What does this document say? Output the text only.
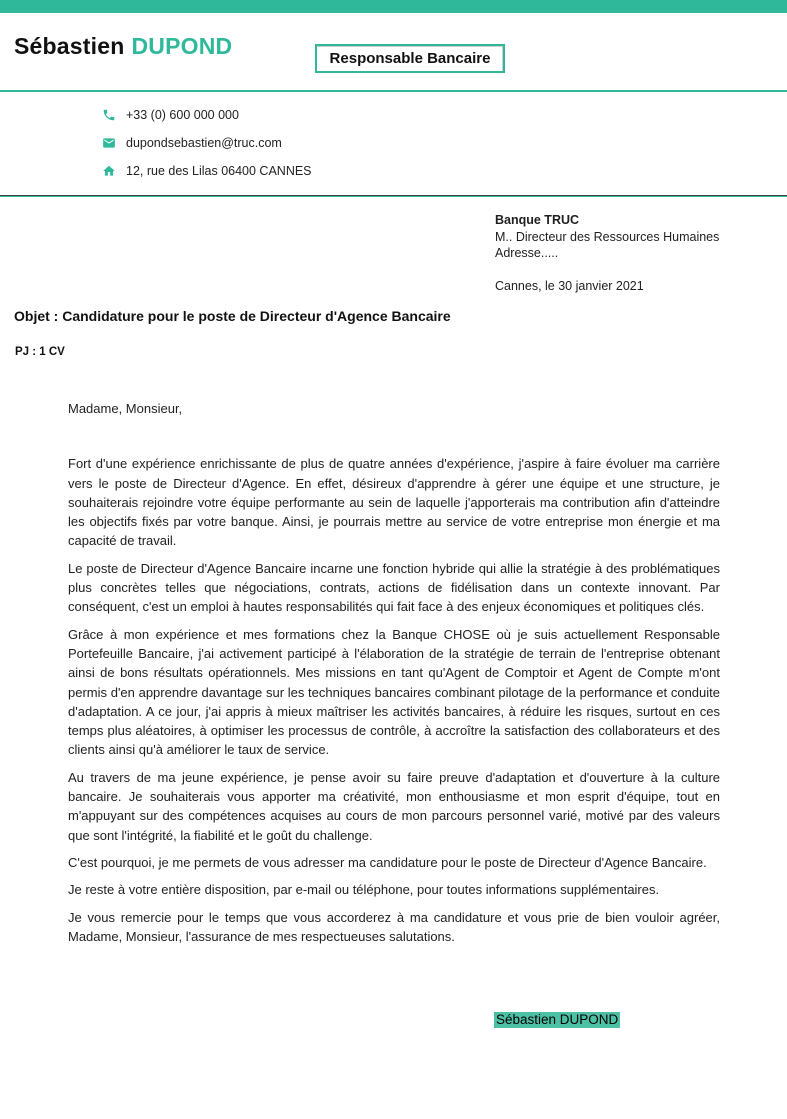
Sébastien DUPOND	Responsable Bancaire
+33 (0) 600 000 000
dupondsebastien@truc.com
12, rue des Lilas 06400 CANNES
Banque TRUC
M.. Directeur des Ressources Humaines
Adresse.....
Cannes, le 30 janvier 2021
Objet : Candidature pour le poste de Directeur d'Agence Bancaire
PJ : 1 CV

Madame, Monsieur,

Fort d'une expérience enrichissante de plus de quatre années d'expérience, j'aspire à faire évoluer ma carrière vers le poste de Directeur d'Agence. En effet, désireux d'apprendre à gérer une équipe et une structure, je souhaiterais rejoindre votre équipe performante au sein de laquelle j'apporterais ma contribution afin d'atteindre les objectifs fixés par votre banque. Ainsi, je pourrais mettre au service de votre entreprise mon énergie et ma capacité de travail.

Le poste de Directeur d'Agence Bancaire incarne une fonction hybride qui allie la stratégie à des problématiques plus concrètes telles que négociations, contrats, actions de fidélisation dans un contexte innovant. Par conséquent, c'est un emploi à hautes responsabilités qui fait face à des enjeux économiques et politiques clés.

Grâce à mon expérience et mes formations chez la Banque CHOSE où je suis actuellement Responsable Portefeuille Bancaire, j'ai activement participé à l'élaboration de la stratégie de terrain de l'entreprise obtenant ainsi de bons résultats opérationnels. Mes missions en tant qu'Agent de Comptoir et Agent de Compte m'ont permis d'en apprendre davantage sur les techniques bancaires combinant pilotage de la performance et conduite d'adaptation. A ce jour, j'ai appris à mieux maîtriser les activités bancaires, à réduire les risques, surtout en ces temps plus aléatoires, à optimiser les processus de contrôle, à accroître la satisfaction des collaborateurs et des clients ainsi qu'à améliorer le taux de service.

Au travers de ma jeune expérience, je pense avoir su faire preuve d'adaptation et d'ouverture à la culture bancaire. Je souhaiterais vous apporter ma créativité, mon enthousiasme et mon esprit d'équipe, tout en m'appuyant sur des compétences acquises au cours de mon parcours personnel varié, motivé par des valeurs que sont l'intégrité, la fiabilité et le goût du challenge.

C'est pourquoi, je me permets de vous adresser ma candidature pour le poste de Directeur d'Agence Bancaire.

Je reste à votre entière disposition, par e-mail ou téléphone, pour toutes informations supplémentaires.

Je vous remercie pour le temps que vous accorderez à ma candidature et vous prie de bien vouloir agréer, Madame, Monsieur, l'assurance de mes respectueuses salutations.

Sébastien DUPOND
